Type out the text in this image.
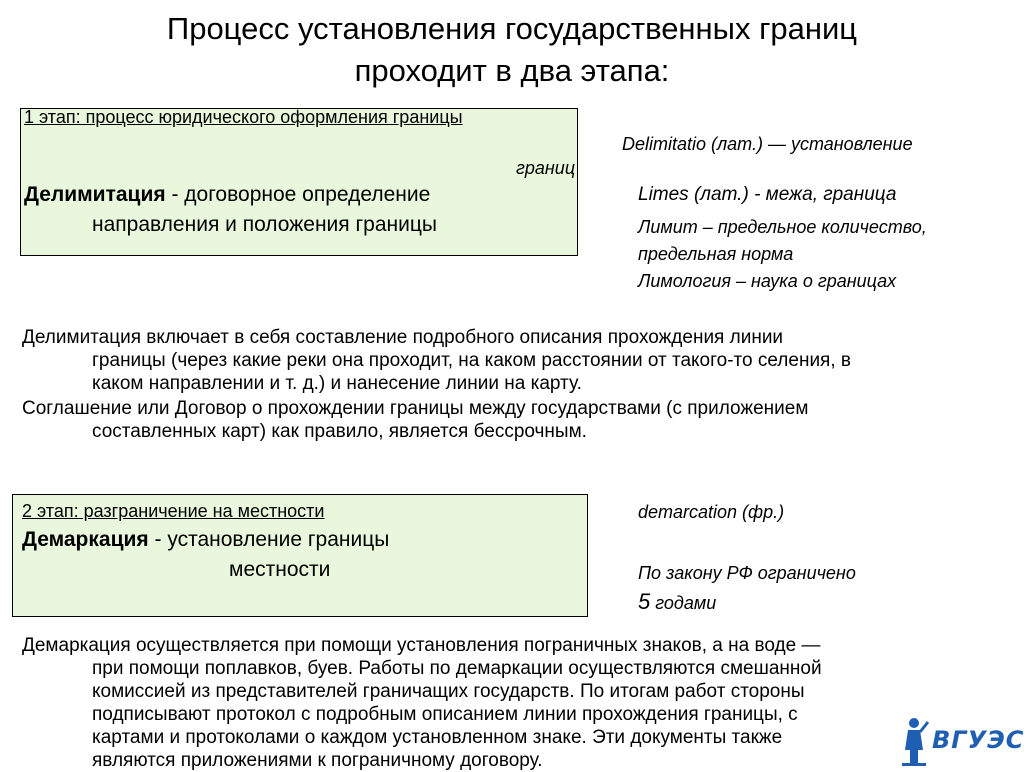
Процесс установления государственных границ
проходит в два этапа:
1 этап: процесс юридического оформления границы
Делимитация - договорное определение
направления и положения границы
Delimitatio (лат.) — установление
границ
Limes (лат.) - межа, граница
Лимит – предельное количество,
предельная норма
Лимология – наука о границах
Делимитация включает в себя составление подробного описания прохождения линии
границы (через какие реки она проходит, на каком расстоянии от такого-то селения, в
каком направлении и т. д.) и нанесение линии на карту.
Соглашение или Договор о прохождении границы между государствами (с приложением
составленных карт) как правило, является бессрочным.
2 этап: разграничение на местности
Демаркация - установление границы
местности
demarcation (фр.)
По закону РФ ограничено
5 годами
Демаркация осуществляется при помощи установления пограничных знаков, а на воде —
при помощи поплавков, буев. Работы по демаркации осуществляются смешанной
комиссией из представителей граничащих государств. По итогам работ стороны
подписывают протокол с подробным описанием линии прохождения границы, с
картами и протоколами о каждом установленном знаке. Эти документы также
являются приложениями к пограничному договору.
ВГУЭС
